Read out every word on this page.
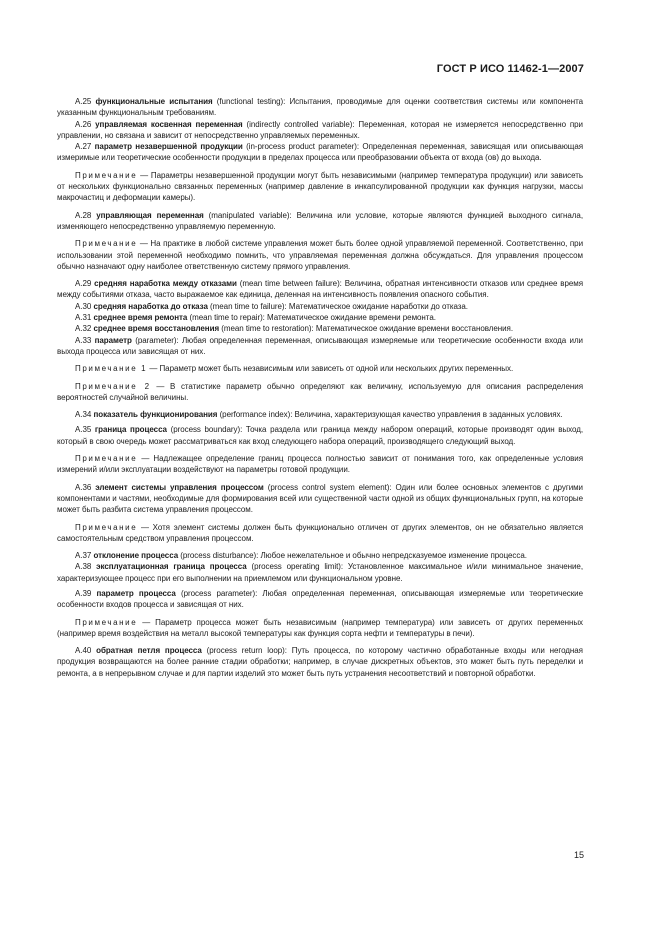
ГОСТ Р ИСО 11462-1—2007

А.25 функциональные испытания (functional testing): Испытания, проводимые для оценки соответствия системы или компонента указанным функциональным требованиям.

А.26 управляемая косвенная переменная (indirectly controlled variable): Переменная, которая не измеряется непосредственно при управлении, но связана и зависит от непосредственно управляемых переменных.

А.27 параметр незавершенной продукции (in-process product parameter): Определенная переменная, зависящая или описывающая измеримые или теоретические особенности продукции в пределах процесса или преобразовании объекта от входа (ов) до выхода.

Примечание — Параметры незавершенной продукции могут быть независимыми (например температура продукции) или зависеть от нескольких функционально связанных переменных (например давление в инкапсулированной продукции как функция нагрузки, массы макрочастиц и деформации камеры).

А.28 управляющая переменная (manipulated variable): Величина или условие, которые являются функцией выходного сигнала, изменяющего непосредственно управляемую переменную.

Примечание — На практике в любой системе управления может быть более одной управляемой переменной. Соответственно, при использовании этой переменной необходимо помнить, что управляемая переменная должна обсуждаться. Для управления процессом обычно назначают одну наиболее ответственную систему прямого управления.

А.29 средняя наработка между отказами (mean time between failure): Величина, обратная интенсивности отказов или среднее время между событиями отказа, часто выражаемое как единица, деленная на интенсивность появления опасного события.

А.30 средняя наработка до отказа (mean time to failure): Математическое ожидание наработки до отказа.

А.31 среднее время ремонта (mean time to repair): Математическое ожидание времени ремонта.

А.32 среднее время восстановления (mean time to restoration): Математическое ожидание времени восстановления.

А.33 параметр (parameter): Любая определенная переменная, описывающая измеряемые или теоретические особенности входа или выхода процесса или зависящая от них.

Примечание 1 — Параметр может быть независимым или зависеть от одной или нескольких других переменных.

Примечание 2 — В статистике параметр обычно определяют как величину, используемую для описания распределения вероятностей случайной величины.

А.34 показатель функционирования (performance index): Величина, характеризующая качество управления в заданных условиях.

А.35 граница процесса (process boundary): Точка раздела или граница между набором операций, которые производят один выход, который в свою очередь может рассматриваться как вход следующего набора операций, производящего следующий выход.

Примечание — Надлежащее определение границ процесса полностью зависит от понимания того, как определенные условия измерений и/или эксплуатации воздействуют на параметры готовой продукции.

А.36 элемент системы управления процессом (process control system element): Один или более основных элементов с другими компонентами и частями, необходимые для формирования всей или существенной части одной из общих функциональных групп, на которые может быть разбита система управления процессом.

Примечание — Хотя элемент системы должен быть функционально отличен от других элементов, он не обязательно является самостоятельным средством управления процессом.

А.37 отклонение процесса (process disturbance): Любое нежелательное и обычно непредсказуемое изменение процесса.

А.38 эксплуатационная граница процесса (process operating limit): Установленное максимальное и/или минимальное значение, характеризующее процесс при его выполнении на приемлемом или функциональном уровне.

А.39 параметр процесса (process parameter): Любая определенная переменная, описывающая измеряемые или теоретические особенности входов процесса и зависящая от них.

Примечание — Параметр процесса может быть независимым (например температура) или зависеть от других переменных (например время воздействия на металл высокой температуры как функция сорта нефти и температуры в печи).

А.40 обратная петля процесса (process return loop): Путь процесса, по которому частично обработанные входы или негодная продукция возвращаются на более ранние стадии обработки; например, в случае дискретных объектов, это может быть путь переделки и ремонта, а в непрерывном случае и для партии изделий это может быть путь устранения несоответствий и повторной обработки.

15
